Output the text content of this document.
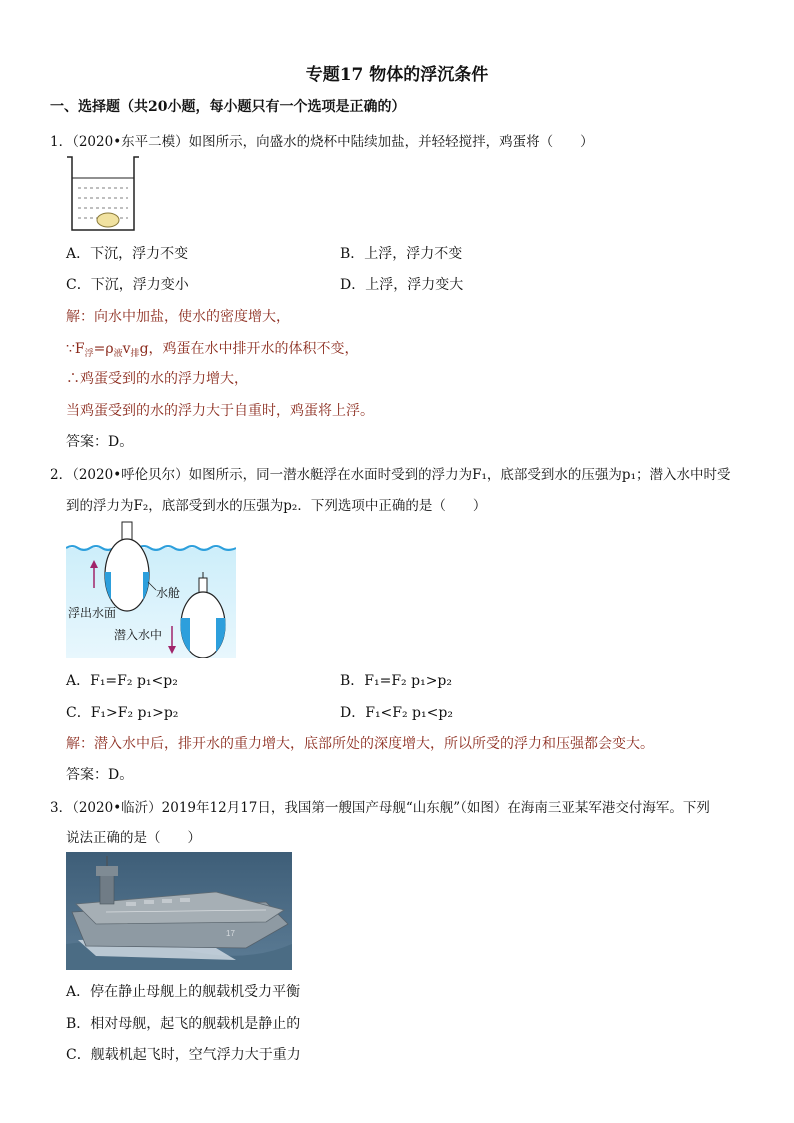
专题17 物体的浮沉条件
一、选择题（共20小题，每小题只有一个选项是正确的）
1．（2020•东平二模）如图所示，向盛水的烧杯中陆续加盐，并轻轻搅拌，鸡蛋将（　　）
A．下沉，浮力不变	B．上浮，浮力不变
C．下沉，浮力变小	D．上浮，浮力变大
解：向水中加盐，使水的密度增大，
$\because F_浮=\rho_液v_排g$，鸡蛋在水中排开水的体积不变，
∴鸡蛋受到的水的浮力增大，
当鸡蛋受到的水的浮力大于自重时，鸡蛋将上浮。
答案：D。
2．（2020•呼伦贝尔）如图所示，同一潜水艇浮在水面时受到的浮力为F₁，底部受到水的压强为p₁；潜入水中时受
到的浮力为F₂，底部受到水的压强为p₂．下列选项中正确的是（　　）
水舱
浮出水面
潜入水中
A．F₁=F₂ p₁<p₂	B．F₁=F₂ p₁>p₂
C．F₁>F₂ p₁>p₂	D．F₁<F₂ p₁<p₂
解：潜入水中后，排开水的重力增大，底部所处的深度增大，所以所受的浮力和压强都会变大。
答案：D。
3．（2020•临沂）2019年12月17日，我国第一艘国产母舰“山东舰”（如图）在海南三亚某军港交付海军。下列
说法正确的是（　　）
17
A．停在静止母舰上的舰载机受力平衡
B．相对母舰，起飞的舰载机是静止的
C．舰载机起飞时，空气浮力大于重力
